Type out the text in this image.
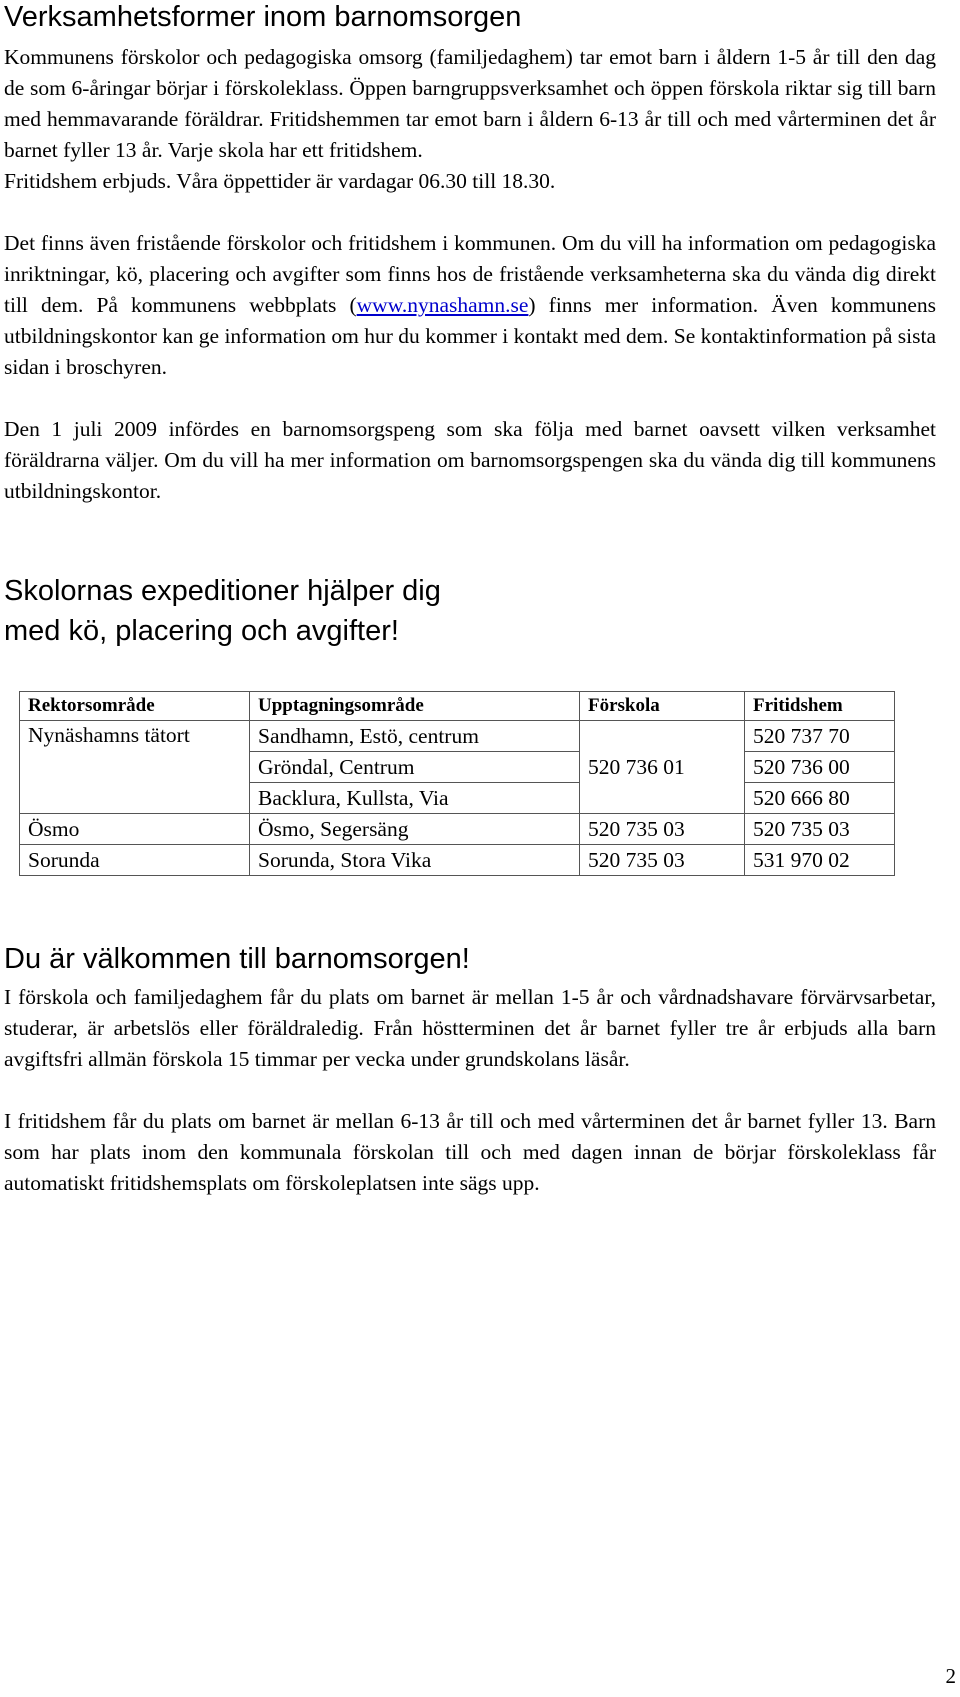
Verksamhetsformer inom barnomsorgen

Kommunens förskolor och pedagogiska omsorg (familjedaghem) tar emot barn i åldern 1-5 år till den dag de som 6-åringar börjar i förskoleklass. Öppen barngruppsverksamhet och öppen förskola riktar sig till barn med hemmavarande föräldrar. Fritidshemmen tar emot barn i åldern 6-13 år till och med vårterminen det år barnet fyller 13 år. Varje skola har ett fritidshem.

Fritidshem erbjuds. Våra öppettider är vardagar 06.30 till 18.30.

Det finns även fristående förskolor och fritidshem i kommunen. Om du vill ha information om pedagogiska inriktningar, kö, placering och avgifter som finns hos de fristående verksamheterna ska du vända dig direkt till dem. På kommunens webbplats (www.nynashamn.se) finns mer information. Även kommunens utbildningskontor kan ge information om hur du kommer i kontakt med dem. Se kontaktinformation på sista sidan i broschyren.

Den 1 juli 2009 infördes en barnomsorgspeng som ska följa med barnet oavsett vilken verksamhet föräldrarna väljer. Om du vill ha mer information om barnomsorgspengen ska du vända dig till kommunens utbildningskontor.

Skolornas expeditioner hjälper dig
med kö, placering och avgifter!
Rektorsområde	Upptagningsområde	Förskola	Fritidshem
Nynäshamns tätort	Sandhamn, Estö, centrum	520 736 01	520 737 70
	Gröndal, Centrum		520 736 00
	Backlura, Kullsta, Via		520 666 80
Ösmo	Ösmo, Segersäng	520 735 03	520 735 03
Sorunda	Sorunda, Stora Vika	520 735 03	531 970 02
Du är välkommen till barnomsorgen!

I förskola och familjedaghem får du plats om barnet är mellan 1-5 år och vårdnadshavare förvärvsarbetar, studerar, är arbetslös eller föräldraledig. Från höstterminen det år barnet fyller tre år erbjuds alla barn avgiftsfri allmän förskola 15 timmar per vecka under grundskolans läsår.

I fritidshem får du plats om barnet är mellan 6-13 år till och med vårterminen det år barnet fyller 13. Barn som har plats inom den kommunala förskolan till och med dagen innan de börjar förskoleklass får automatiskt fritidshemsplats om förskoleplatsen inte sägs upp.

2
